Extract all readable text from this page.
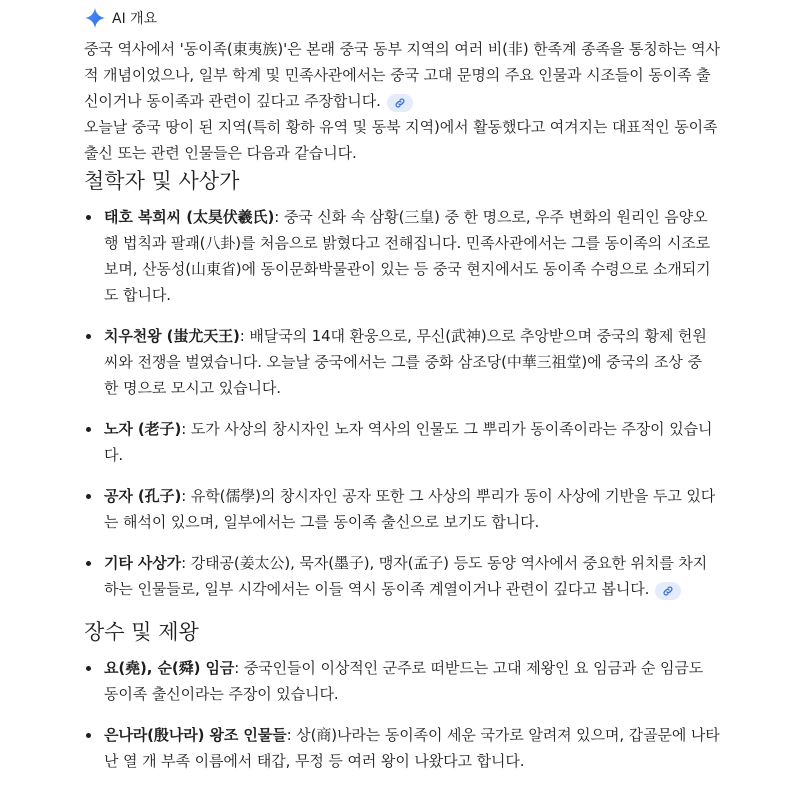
AI 개요

중국 역사에서 '동이족(東夷族)'은 본래 중국 동부 지역의 여러 비(非) 한족계 종족을 통칭하는 역사적 개념이었으나, 일부 학계 및 민족사관에서는 중국 고대 문명의 주요 인물과 시조들이 동이족 출신이거나 동이족과 관련이 깊다고 주장합니다.

오늘날 중국 땅이 된 지역(특히 황하 유역 및 동북 지역)에서 활동했다고 여겨지는 대표적인 동이족 출신 또는 관련 인물들은 다음과 같습니다.

철학자 및 사상가
태호 복희씨 (太昊伏羲氏): 중국 신화 속 삼황(三皇) 중 한 명으로, 우주 변화의 원리인 음양오행 법칙과 팔괘(八卦)를 처음으로 밝혔다고 전해집니다. 민족사관에서는 그를 동이족의 시조로 보며, 산동성(山東省)에 동이문화박물관이 있는 등 중국 현지에서도 동이족 수령으로 소개되기도 합니다.
치우천왕 (蚩尤天王): 배달국의 14대 환웅으로, 무신(武神)으로 추앙받으며 중국의 황제 헌원씨와 전쟁을 벌였습니다. 오늘날 중국에서는 그를 중화 삼조당(中華三祖堂)에 중국의 조상 중 한 명으로 모시고 있습니다.
노자 (老子): 도가 사상의 창시자인 노자 역사의 인물도 그 뿌리가 동이족이라는 주장이 있습니다.
공자 (孔子): 유학(儒學)의 창시자인 공자 또한 그 사상의 뿌리가 동이 사상에 기반을 두고 있다는 해석이 있으며, 일부에서는 그를 동이족 출신으로 보기도 합니다.
기타 사상가: 강태공(姜太公), 묵자(墨子), 맹자(孟子) 등도 동양 역사에서 중요한 위치를 차지하는 인물들로, 일부 시각에서는 이들 역시 동이족 계열이거나 관련이 깊다고 봅니다.
장수 및 제왕
요(堯), 순(舜) 임금: 중국인들이 이상적인 군주로 떠받드는 고대 제왕인 요 임금과 순 임금도 동이족 출신이라는 주장이 있습니다.
은나라(殷나라) 왕조 인물들: 상(商)나라는 동이족이 세운 국가로 알려져 있으며, 갑골문에 나타난 열 개 부족 이름에서 태갑, 무정 등 여러 왕이 나왔다고 합니다.
